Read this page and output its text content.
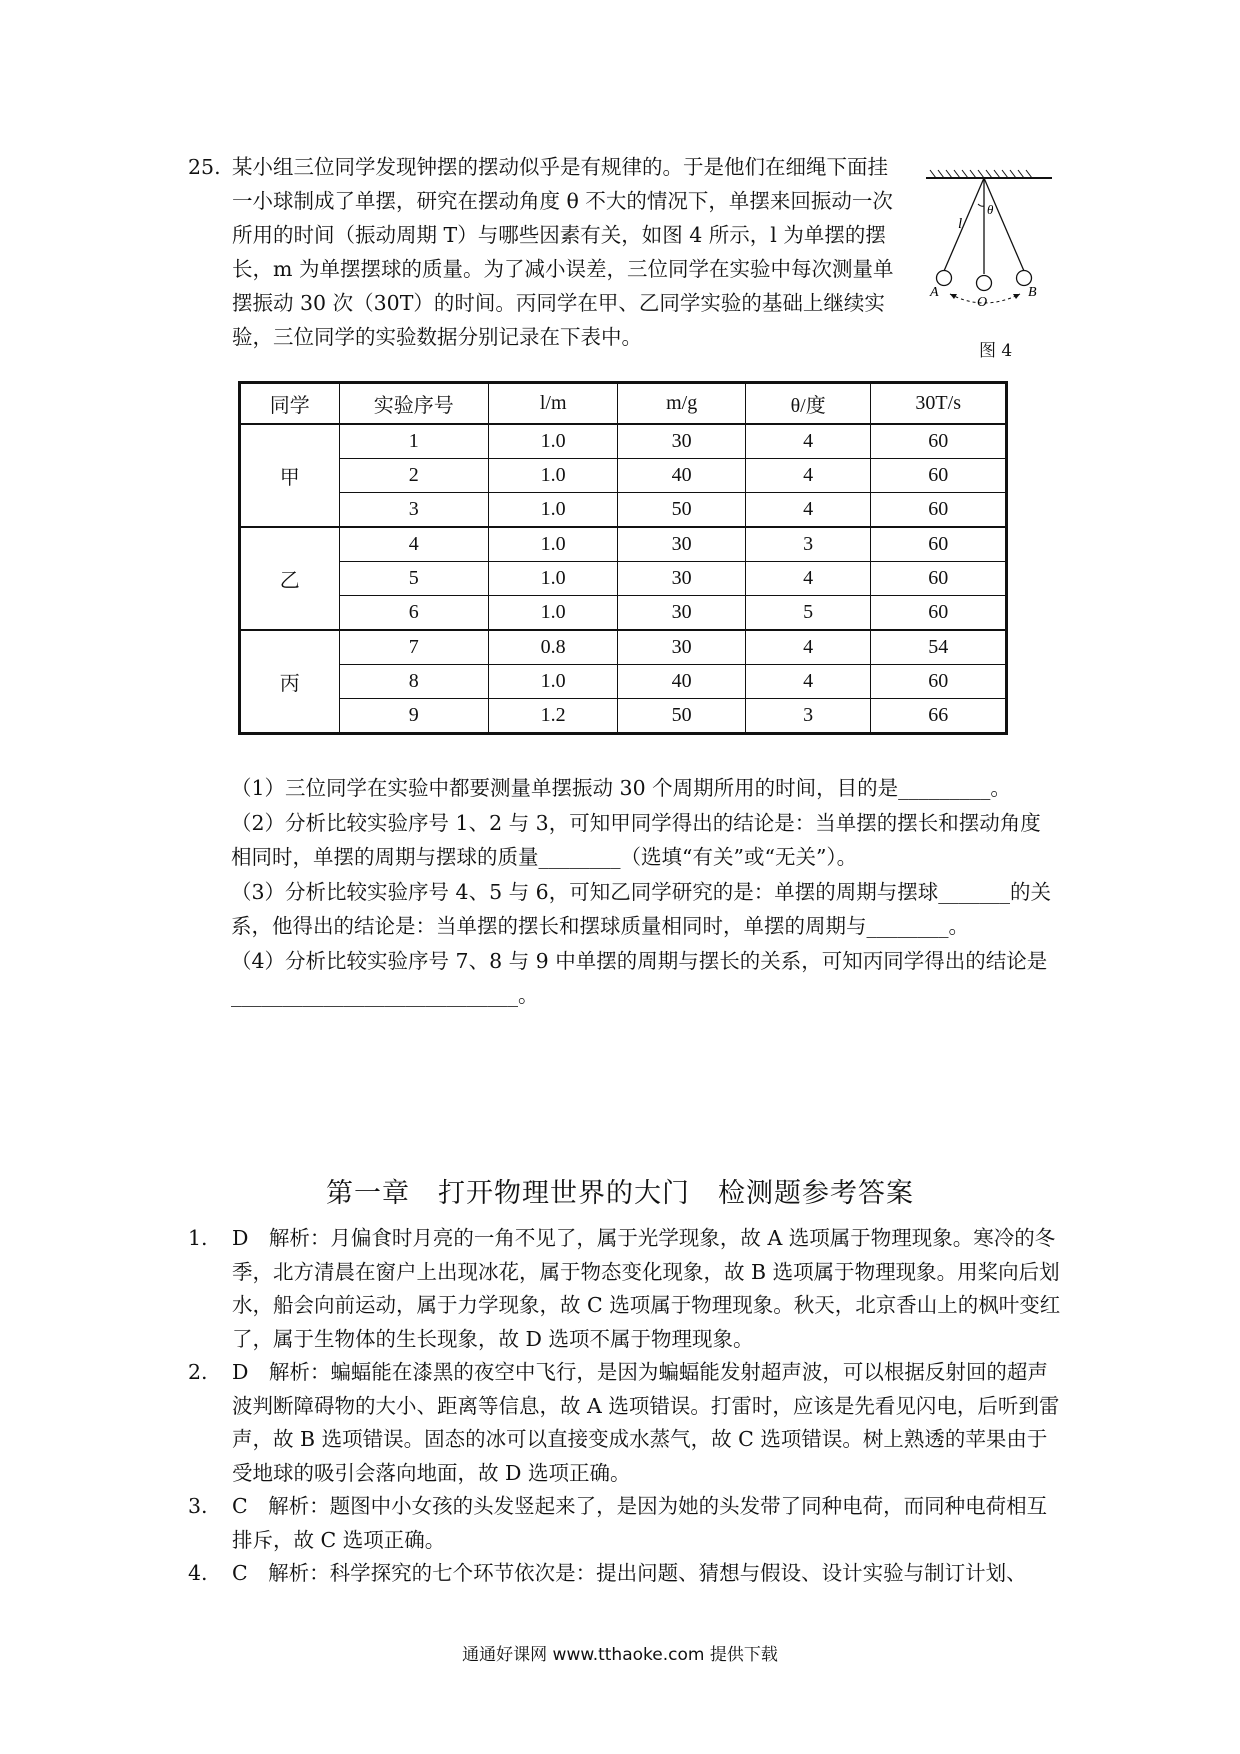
25. 某小组三位同学发现钟摆的摆动似乎是有规律的。于是他们在细绳下面挂一小球制成了单摆，研究在摆动角度 θ 不大的情况下，单摆来回振动一次所用的时间（振动周期 T）与哪些因素有关，如图 4 所示，l 为单摆的摆长，m 为单摆摆球的质量。为了减小误差，三位同学在实验中每次测量单摆振动 30 次（30T）的时间。丙同学在甲、乙同学实验的基础上继续实验，三位同学的实验数据分别记录在下表中。
l
θ
A
O
B
图 4
同学	实验序号	l/m	m/g	θ/度	30T/s
甲	1	1.0	30	4	60
	2	1.0	40	4	60
	3	1.0	50	4	60
乙	4	1.0	30	3	60
	5	1.0	30	4	60
	6	1.0	30	5	60
丙	7	0.8	30	4	54
	8	1.0	40	4	60
	9	1.2	50	3	66

（1）三位同学在实验中都要测量单摆振动 30 个周期所用的时间，目的是_________。

（2）分析比较实验序号 1、2 与 3，可知甲同学得出的结论是：当单摆的摆长和摆动角度相同时，单摆的周期与摆球的质量________（选填“有关”或“无关”）。

（3）分析比较实验序号 4、5 与 6，可知乙同学研究的是：单摆的周期与摆球_______的关系，他得出的结论是：当单摆的摆长和摆球质量相同时，单摆的周期与________。

（4）分析比较实验序号 7、8 与 9 中单摆的周期与摆长的关系，可知丙同学得出的结论是____________________________。

第一章　打开物理世界的大门　检测题参考答案
1. D　解析：月偏食时月亮的一角不见了，属于光学现象，故 A 选项属于物理现象。寒冷的冬季，北方清晨在窗户上出现冰花，属于物态变化现象，故 B 选项属于物理现象。用桨向后划水，船会向前运动，属于力学现象，故 C 选项属于物理现象。秋天，北京香山上的枫叶变红了，属于生物体的生长现象，故 D 选项不属于物理现象。
2. D　解析：蝙蝠能在漆黑的夜空中飞行，是因为蝙蝠能发射超声波，可以根据反射回的超声波判断障碍物的大小、距离等信息，故 A 选项错误。打雷时，应该是先看见闪电，后听到雷声，故 B 选项错误。固态的冰可以直接变成水蒸气，故 C 选项错误。树上熟透的苹果由于受地球的吸引会落向地面，故 D 选项正确。
3. C　解析：题图中小女孩的头发竖起来了，是因为她的头发带了同种电荷，而同种电荷相互排斥，故 C 选项正确。
4. C　解析：科学探究的七个环节依次是：提出问题、猜想与假设、设计实验与制订计划、
通通好课网 www.tthaoke.com 提供下载
